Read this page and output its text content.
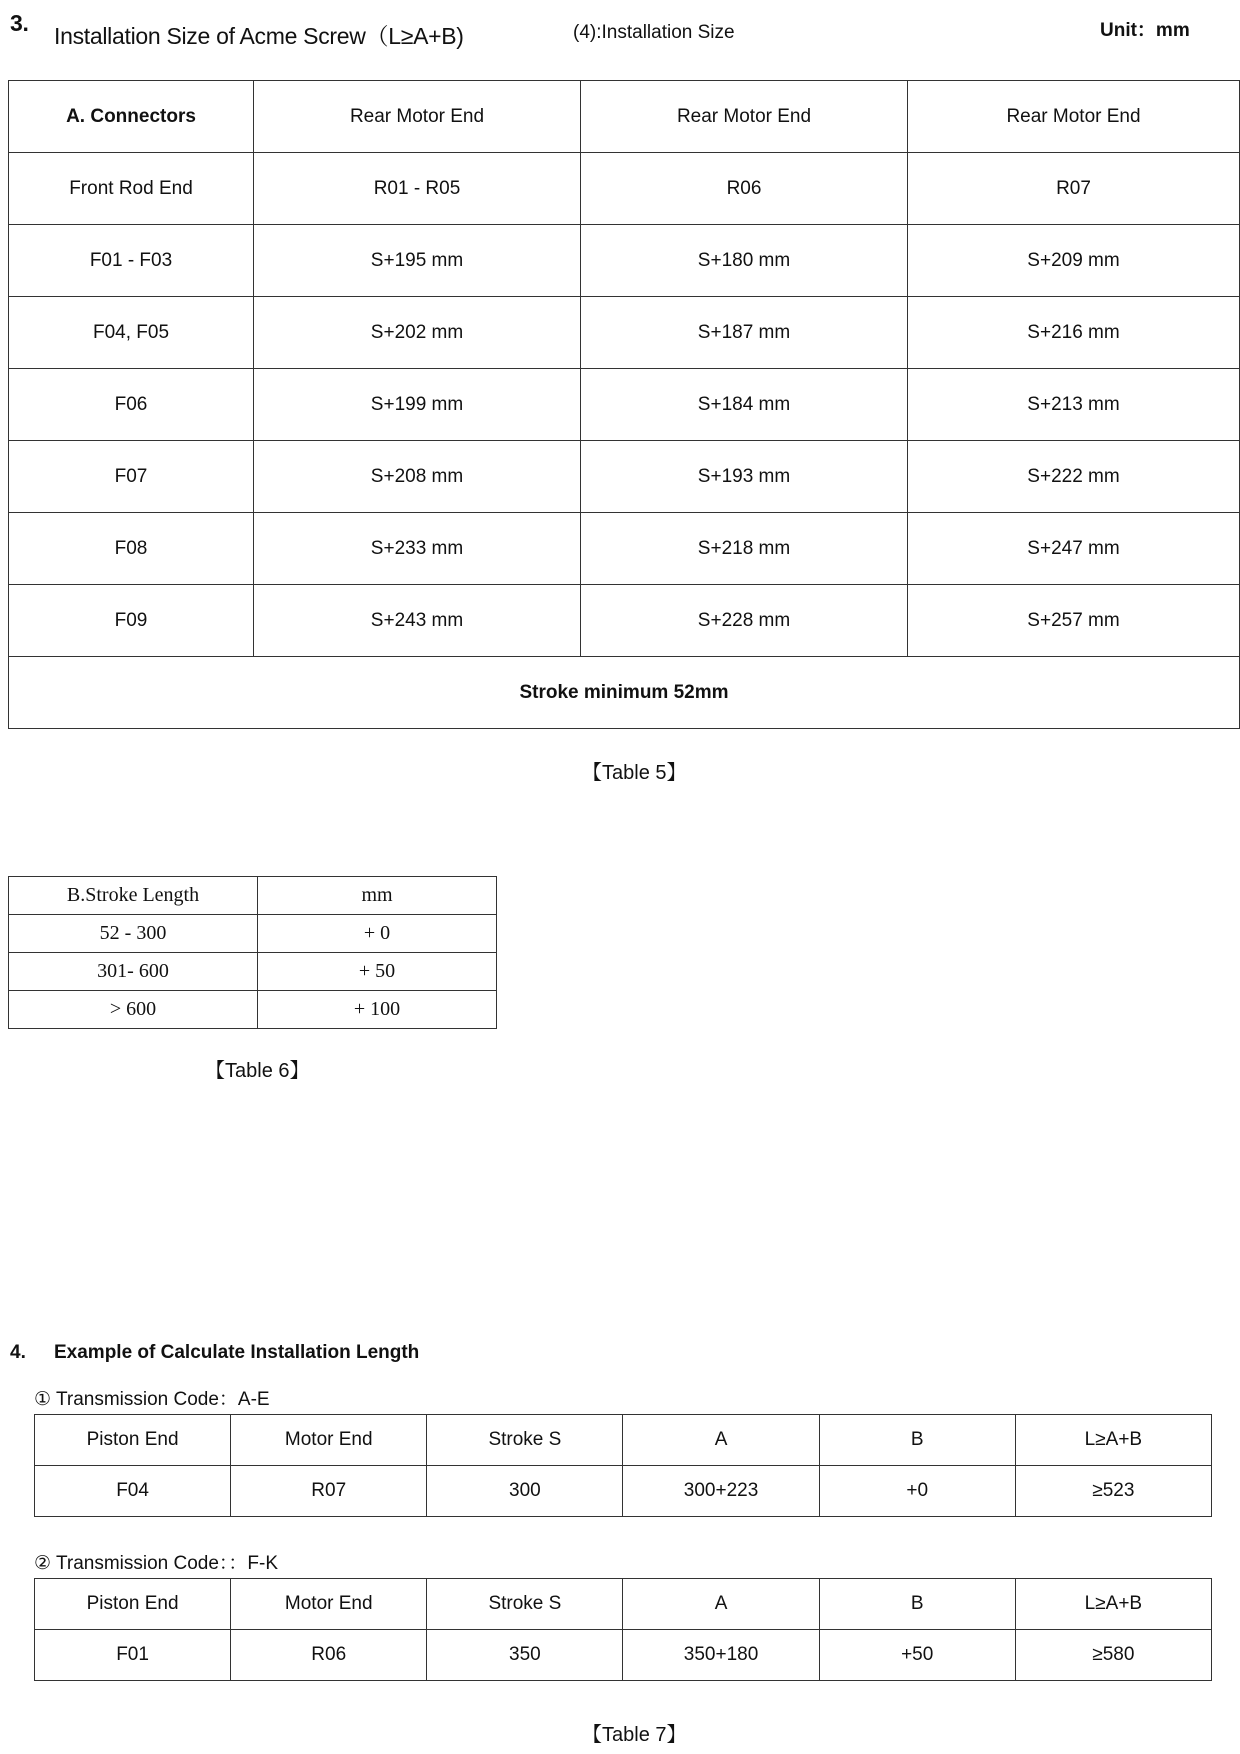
3. Installation Size of Acme Screw（L≥A+B)	(4):Installation Size	Unit：mm
A. Connectors	Rear Motor End	Rear Motor End	Rear Motor End
Front Rod End	R01 - R05	R06	R07
F01 - F03	S+195 mm	S+180 mm	S+209 mm
F04, F05	S+202 mm	S+187 mm	S+216 mm
F06	S+199 mm	S+184 mm	S+213 mm
F07	S+208 mm	S+193 mm	S+222 mm
F08	S+233 mm	S+218 mm	S+247 mm
F09	S+243 mm	S+228 mm	S+257 mm
Stroke minimum 52mm			
【Table 5】
B.Stroke Length	mm
52 - 300	+ 0
301- 600	+ 50
> 600	+ 100
【Table 6】
4. Example of Calculate Installation Length
① Transmission Code：A-E
Piston End	Motor End	Stroke S	A	B	L≥A+B
F04	R07	300	300+223	+0	≥523
② Transmission Code：：F-K
Piston End	Motor End	Stroke S	A	B	L≥A+B
F01	R06	350	350+180	+50	≥580
【Table 7】
